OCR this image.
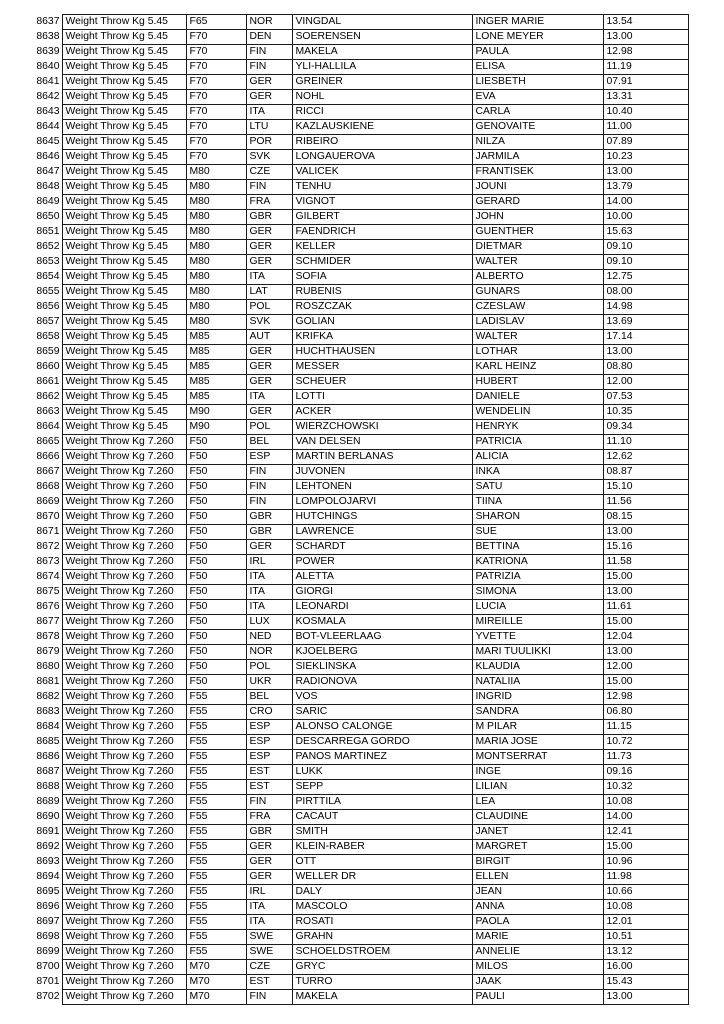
8637	Weight Throw Kg 5.45	F65	NOR	VINGDAL	INGER MARIE	13.54
8638	Weight Throw Kg 5.45	F70	DEN	SOERENSEN	LONE MEYER	13.00
8639	Weight Throw Kg 5.45	F70	FIN	MAKELA	PAULA	12.98
8640	Weight Throw Kg 5.45	F70	FIN	YLI-HALLILA	ELISA	11.19
8641	Weight Throw Kg 5.45	F70	GER	GREINER	LIESBETH	07.91
8642	Weight Throw Kg 5.45	F70	GER	NOHL	EVA	13.31
8643	Weight Throw Kg 5.45	F70	ITA	RICCI	CARLA	10.40
8644	Weight Throw Kg 5.45	F70	LTU	KAZLAUSKIENE	GENOVAITE	11.00
8645	Weight Throw Kg 5.45	F70	POR	RIBEIRO	NILZA	07.89
8646	Weight Throw Kg 5.45	F70	SVK	LONGAUEROVA	JARMILA	10.23
8647	Weight Throw Kg 5.45	M80	CZE	VALICEK	FRANTISEK	13.00
8648	Weight Throw Kg 5.45	M80	FIN	TENHU	JOUNI	13.79
8649	Weight Throw Kg 5.45	M80	FRA	VIGNOT	GERARD	14.00
8650	Weight Throw Kg 5.45	M80	GBR	GILBERT	JOHN	10.00
8651	Weight Throw Kg 5.45	M80	GER	FAENDRICH	GUENTHER	15.63
8652	Weight Throw Kg 5.45	M80	GER	KELLER	DIETMAR	09.10
8653	Weight Throw Kg 5.45	M80	GER	SCHMIDER	WALTER	09.10
8654	Weight Throw Kg 5.45	M80	ITA	SOFIA	ALBERTO	12.75
8655	Weight Throw Kg 5.45	M80	LAT	RUBENIS	GUNARS	08.00
8656	Weight Throw Kg 5.45	M80	POL	ROSZCZAK	CZESLAW	14.98
8657	Weight Throw Kg 5.45	M80	SVK	GOLIAN	LADISLAV	13.69
8658	Weight Throw Kg 5.45	M85	AUT	KRIFKA	WALTER	17.14
8659	Weight Throw Kg 5.45	M85	GER	HUCHTHAUSEN	LOTHAR	13.00
8660	Weight Throw Kg 5.45	M85	GER	MESSER	KARL HEINZ	08.80
8661	Weight Throw Kg 5.45	M85	GER	SCHEUER	HUBERT	12.00
8662	Weight Throw Kg 5.45	M85	ITA	LOTTI	DANIELE	07.53
8663	Weight Throw Kg 5.45	M90	GER	ACKER	WENDELIN	10.35
8664	Weight Throw Kg 5.45	M90	POL	WIERZCHOWSKI	HENRYK	09.34
8665	Weight Throw Kg 7.260	F50	BEL	VAN DELSEN	PATRICIA	11.10
8666	Weight Throw Kg 7.260	F50	ESP	MARTIN BERLANAS	ALICIA	12.62
8667	Weight Throw Kg 7.260	F50	FIN	JUVONEN	INKA	08.87
8668	Weight Throw Kg 7.260	F50	FIN	LEHTONEN	SATU	15.10
8669	Weight Throw Kg 7.260	F50	FIN	LOMPOLOJARVI	TIINA	11.56
8670	Weight Throw Kg 7.260	F50	GBR	HUTCHINGS	SHARON	08.15
8671	Weight Throw Kg 7.260	F50	GBR	LAWRENCE	SUE	13.00
8672	Weight Throw Kg 7.260	F50	GER	SCHARDT	BETTINA	15.16
8673	Weight Throw Kg 7.260	F50	IRL	POWER	KATRIONA	11.58
8674	Weight Throw Kg 7.260	F50	ITA	ALETTA	PATRIZIA	15.00
8675	Weight Throw Kg 7.260	F50	ITA	GIORGI	SIMONA	13.00
8676	Weight Throw Kg 7.260	F50	ITA	LEONARDI	LUCIA	11.61
8677	Weight Throw Kg 7.260	F50	LUX	KOSMALA	MIREILLE	15.00
8678	Weight Throw Kg 7.260	F50	NED	BOT-VLEERLAAG	YVETTE	12.04
8679	Weight Throw Kg 7.260	F50	NOR	KJOELBERG	MARI TUULIKKI	13.00
8680	Weight Throw Kg 7.260	F50	POL	SIEKLINSKA	KLAUDIA	12.00
8681	Weight Throw Kg 7.260	F50	UKR	RADIONOVA	NATALIIA	15.00
8682	Weight Throw Kg 7.260	F55	BEL	VOS	INGRID	12.98
8683	Weight Throw Kg 7.260	F55	CRO	SARIC	SANDRA	06.80
8684	Weight Throw Kg 7.260	F55	ESP	ALONSO CALONGE	M PILAR	11.15
8685	Weight Throw Kg 7.260	F55	ESP	DESCARREGA GORDO	MARIA JOSE	10.72
8686	Weight Throw Kg 7.260	F55	ESP	PANOS MARTINEZ	MONTSERRAT	11.73
8687	Weight Throw Kg 7.260	F55	EST	LUKK	INGE	09.16
8688	Weight Throw Kg 7.260	F55	EST	SEPP	LILIAN	10.32
8689	Weight Throw Kg 7.260	F55	FIN	PIRTTILA	LEA	10.08
8690	Weight Throw Kg 7.260	F55	FRA	CACAUT	CLAUDINE	14.00
8691	Weight Throw Kg 7.260	F55	GBR	SMITH	JANET	12.41
8692	Weight Throw Kg 7.260	F55	GER	KLEIN-RABER	MARGRET	15.00
8693	Weight Throw Kg 7.260	F55	GER	OTT	BIRGIT	10.96
8694	Weight Throw Kg 7.260	F55	GER	WELLER DR	ELLEN	11.98
8695	Weight Throw Kg 7.260	F55	IRL	DALY	JEAN	10.66
8696	Weight Throw Kg 7.260	F55	ITA	MASCOLO	ANNA	10.08
8697	Weight Throw Kg 7.260	F55	ITA	ROSATI	PAOLA	12.01
8698	Weight Throw Kg 7.260	F55	SWE	GRAHN	MARIE	10.51
8699	Weight Throw Kg 7.260	F55	SWE	SCHOELDSTROEM	ANNELIE	13.12
8700	Weight Throw Kg 7.260	M70	CZE	GRYC	MILOS	16.00
8701	Weight Throw Kg 7.260	M70	EST	TURRO	JAAK	15.43
8702	Weight Throw Kg 7.260	M70	FIN	MAKELA	PAULI	13.00
